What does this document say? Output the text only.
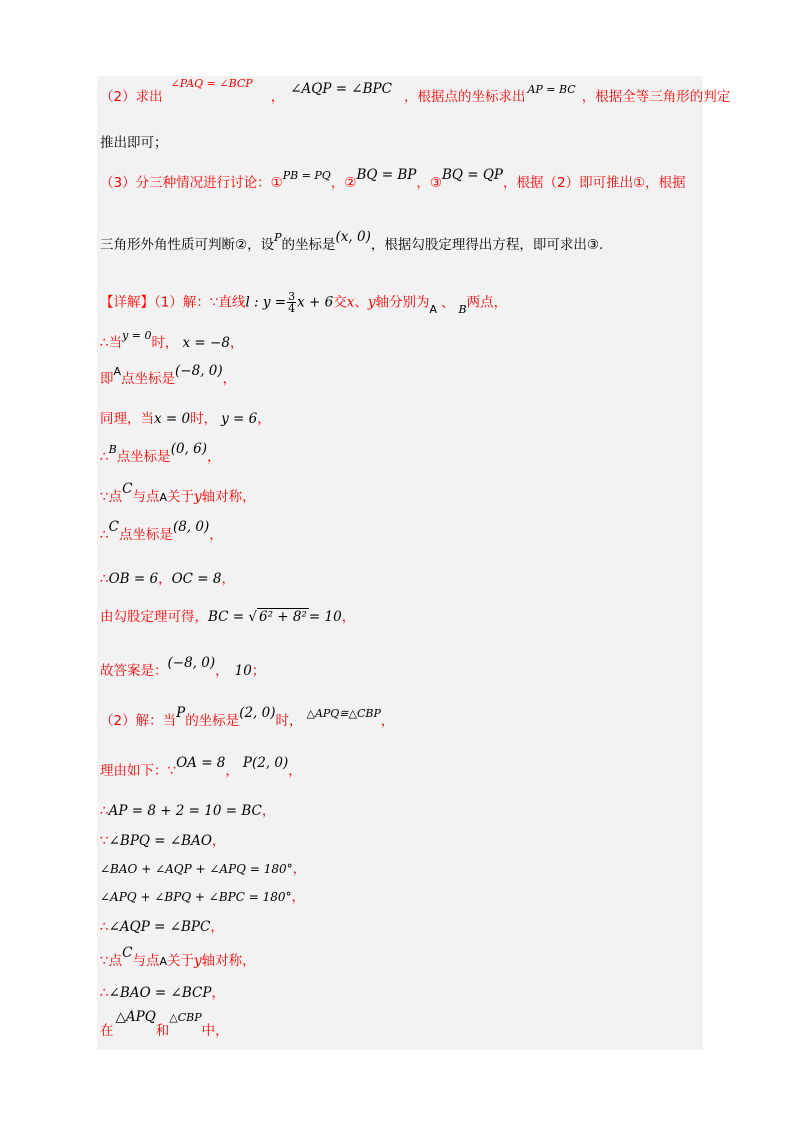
（2）求出$^{\angle PAQ = \angle BCP}$， ∠AQP = ∠BPC ，根据点的坐标求出 $^{AP = BC}$ ，根据全等三角形的判定
推出即可；
（3）分三种情况进行讨论：①$^{PB = PQ}$，②BQ = BP，③BQ = QP，根据（2）即可推出①，根据
三角形外角性质可判断②，设$^P$的坐标是(x, 0)，根据勾股定理得出方程，即可求出③.
【详解】（1）解：∵直线l : $y = \frac{3}{4}$ x + 6交x、y轴分别为$_A$ 、 $_B$两点，
∴当$^{y = 0}$时， x = −8，
即$^A$点坐标是(−8, 0)，
同理，当x = 0时， y = 6，
∴$^B$点坐标是(0, 6)，
∵点C与点A关于y轴对称，
∴C点坐标是(8, 0)，
∴OB = 6，OC = 8，
由勾股定理可得，BC = √ 6² + 8² = 10，
故答案是：(−8, 0)， 10；
（2）解：当P的坐标是(2, 0)时， $^{\triangle APQ≅\triangle CBP}$，
理由如下：∵OA = 8， P(2, 0)，
∴AP = 8 + 2 = 10 = BC，
∵∠BPQ = ∠BAO，
∠BAO + ∠AQP + ∠APQ = 180°，
∠APQ + ∠BPQ + ∠BPC = 180°，
∴∠AQP = ∠BPC，
∵点C与点A关于y轴对称，
∴∠BAO = ∠BCP，
在△APQ和$^{\triangle CBP}$中，
